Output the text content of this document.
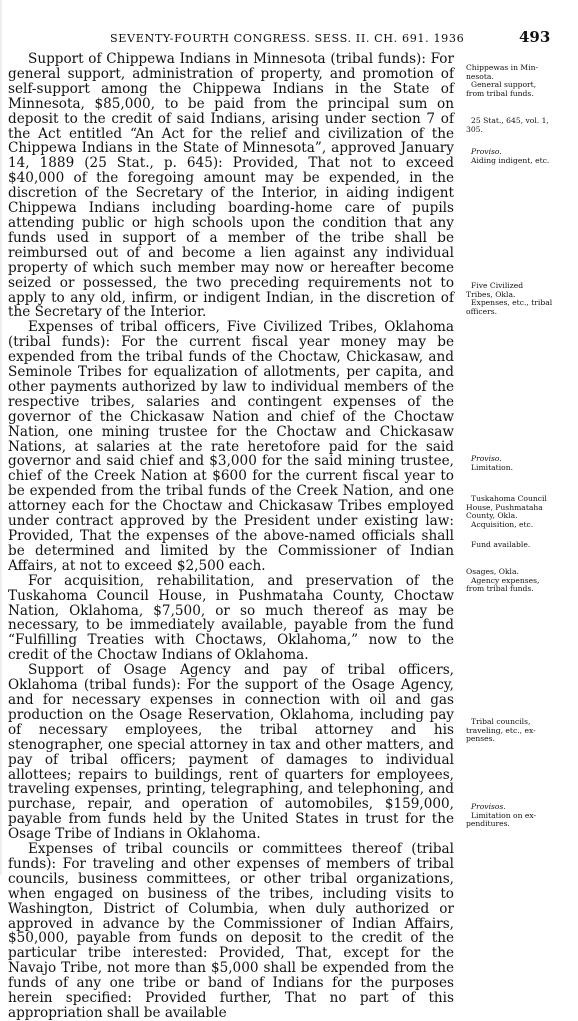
SEVENTY-FOURTH CONGRESS. SESS. II. CH. 691. 1936	493

Support of Chippewa Indians in Minnesota (tribal funds): For general support, administration of property, and promotion of self-support among the Chippewa Indians in the State of Minnesota, $85,000, to be paid from the principal sum on deposit to the credit of said Indians, arising under section 7 of the Act entitled “An Act for the relief and civilization of the Chippewa Indians in the State of Minnesota”, approved January 14, 1889 (25 Stat., p. 645): Provided, That not to exceed $40,000 of the foregoing amount may be expended, in the discretion of the Secretary of the Interior, in aiding indigent Chippewa Indians including boarding-home care of pupils attending public or high schools upon the condition that any funds used in support of a member of the tribe shall be reimbursed out of and become a lien against any individual property of which such member may now or hereafter become seized or possessed, the two preceding requirements not to apply to any old, infirm, or indigent Indian, in the discretion of the Secretary of the Interior.

Expenses of tribal officers, Five Civilized Tribes, Oklahoma (tribal funds): For the current fiscal year money may be expended from the tribal funds of the Choctaw, Chickasaw, and Seminole Tribes for equalization of allotments, per capita, and other payments authorized by law to individual members of the respective tribes, salaries and contingent expenses of the governor of the Chickasaw Nation and chief of the Choctaw Nation, one mining trustee for the Choctaw and Chickasaw Nations, at salaries at the rate heretofore paid for the said governor and said chief and $3,000 for the said mining trustee, chief of the Creek Nation at $600 for the current fiscal year to be expended from the tribal funds of the Creek Nation, and one attorney each for the Choctaw and Chickasaw Tribes employed under contract approved by the President under existing law: Provided, That the expenses of the above-named officials shall be determined and limited by the Commissioner of Indian Affairs, at not to exceed $2,500 each.

For acquisition, rehabilitation, and preservation of the Tuskahoma Council House, in Pushmataha County, Choctaw Nation, Oklahoma, $7,500, or so much thereof as may be necessary, to be immediately available, payable from the fund “Fulfilling Treaties with Choctaws, Oklahoma,” now to the credit of the Choctaw Indians of Oklahoma.

Support of Osage Agency and pay of tribal officers, Oklahoma (tribal funds): For the support of the Osage Agency, and for necessary expenses in connection with oil and gas production on the Osage Reservation, Oklahoma, including pay of necessary employees, the tribal attorney and his stenographer, one special attorney in tax and other matters, and pay of tribal officers; payment of damages to individual allottees; repairs to buildings, rent of quarters for employees, traveling expenses, printing, telegraphing, and telephoning, and purchase, repair, and operation of automobiles, $159,000, payable from funds held by the United States in trust for the Osage Tribe of Indians in Oklahoma.

Expenses of tribal councils or committees thereof (tribal funds): For traveling and other expenses of members of tribal councils, business committees, or other tribal organizations, when engaged on business of the tribes, including visits to Washington, District of Columbia, when duly authorized or approved in advance by the Commissioner of Indian Affairs, $50,000, payable from funds on deposit to the credit of the particular tribe interested: Provided, That, except for the Navajo Tribe, not more than $5,000 shall be expended from the funds of any one tribe or band of Indians for the purposes herein specified: Provided further, That no part of this appropriation shall be available

Chippewas in Min-
nesota.
General support,
from tribal funds.
25 Stat., 645, vol. 1,
305.
Proviso.
Aiding indigent, etc.
Five Civilized
Tribes, Okla.
Expenses, etc., tribal
officers.
Proviso.
Limitation.
Tuskahoma Council
House, Pushmataha
County, Okla.
Acquisition, etc.
Fund available.
Osages, Okla.
Agency expenses,
from tribal funds.
Tribal councils,
traveling, etc., ex-
penses.
Provisos.
Limitation on ex-
penditures.
